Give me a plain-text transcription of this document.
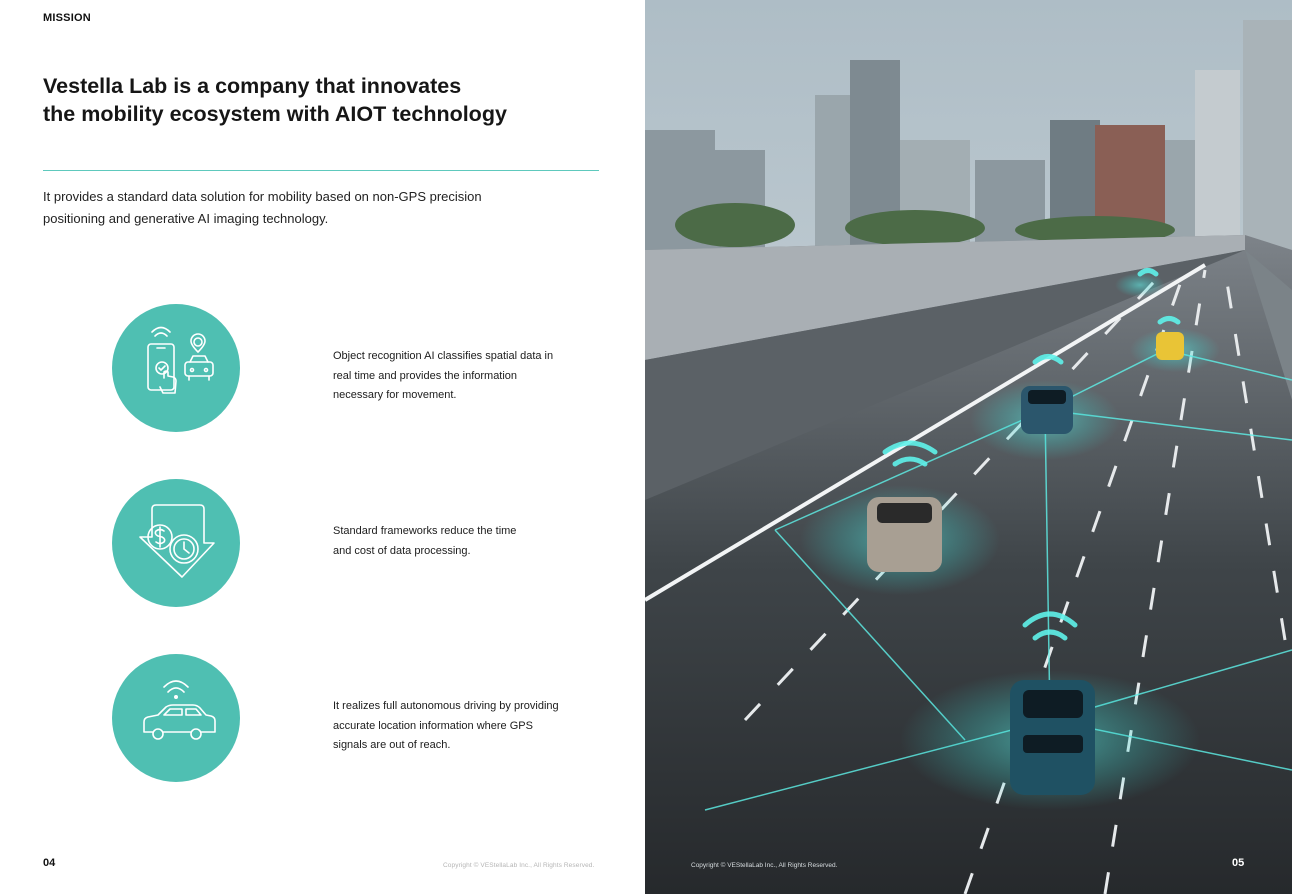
MISSION
Vestella Lab is a company that innovates
the mobility ecosystem with AIOT technology
It provides a standard data solution for mobility based on non-GPS precision
positioning and generative AI imaging technology.
Object recognition AI classifies spatial data in
real time and provides the information
necessary for movement.
Standard frameworks reduce the time
and cost of data processing.
It realizes full autonomous driving by providing
accurate location information where GPS
signals are out of reach.
04	Copyright © VEStellaLab Inc., All Rights Reserved.	Copyright © VEStellaLab Inc., All Rights Reserved.	05
